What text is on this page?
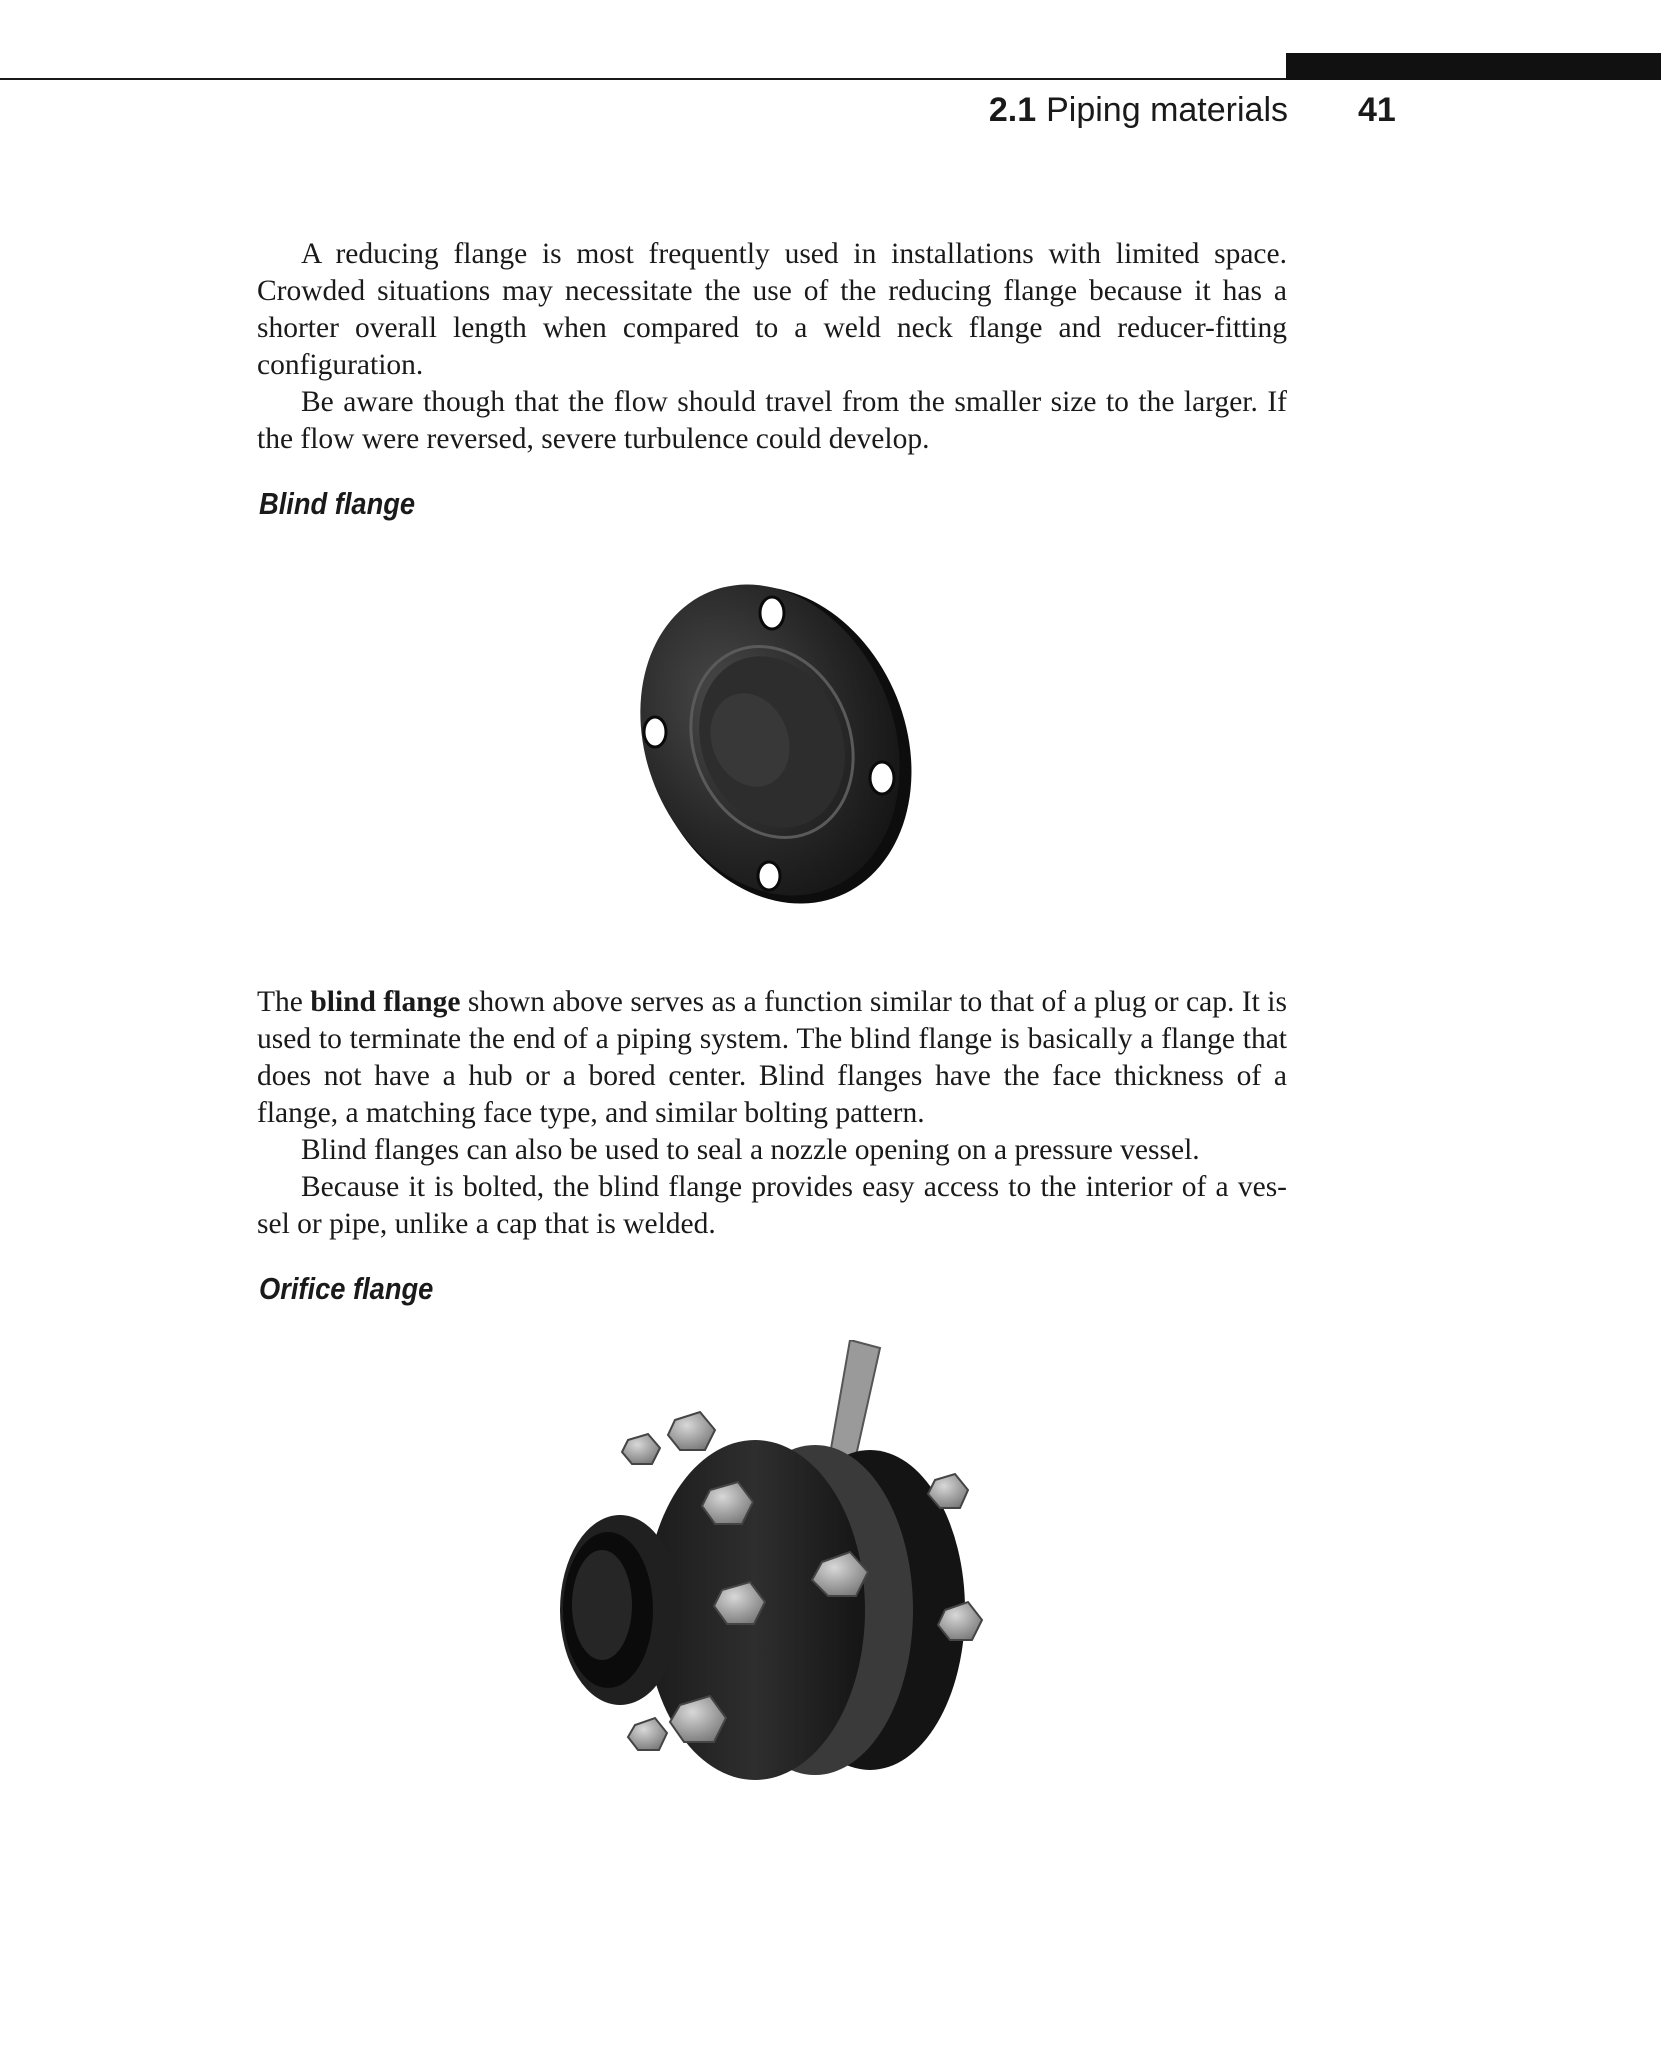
2.1 Piping materials 41

A reducing flange is most frequently used in installations with limited space. Crowded situations may necessitate the use of the reducing flange because it has a shorter overall length when compared to a weld neck flange and reducer-fitting configuration.

Be aware though that the flow should travel from the smaller size to the larger. If the flow were reversed, severe turbulence could develop.

Blind flange

The blind flange shown above serves as a function similar to that of a plug or cap. It is used to terminate the end of a piping system. The blind flange is basically a flange that does not have a hub or a bored center. Blind flanges have the face thickness of a flange, a matching face type, and similar bolting pattern.

Blind flanges can also be used to seal a nozzle opening on a pressure vessel.

Because it is bolted, the blind flange provides easy access to the interior of a ves-sel or pipe, unlike a cap that is welded.

Orifice flange
